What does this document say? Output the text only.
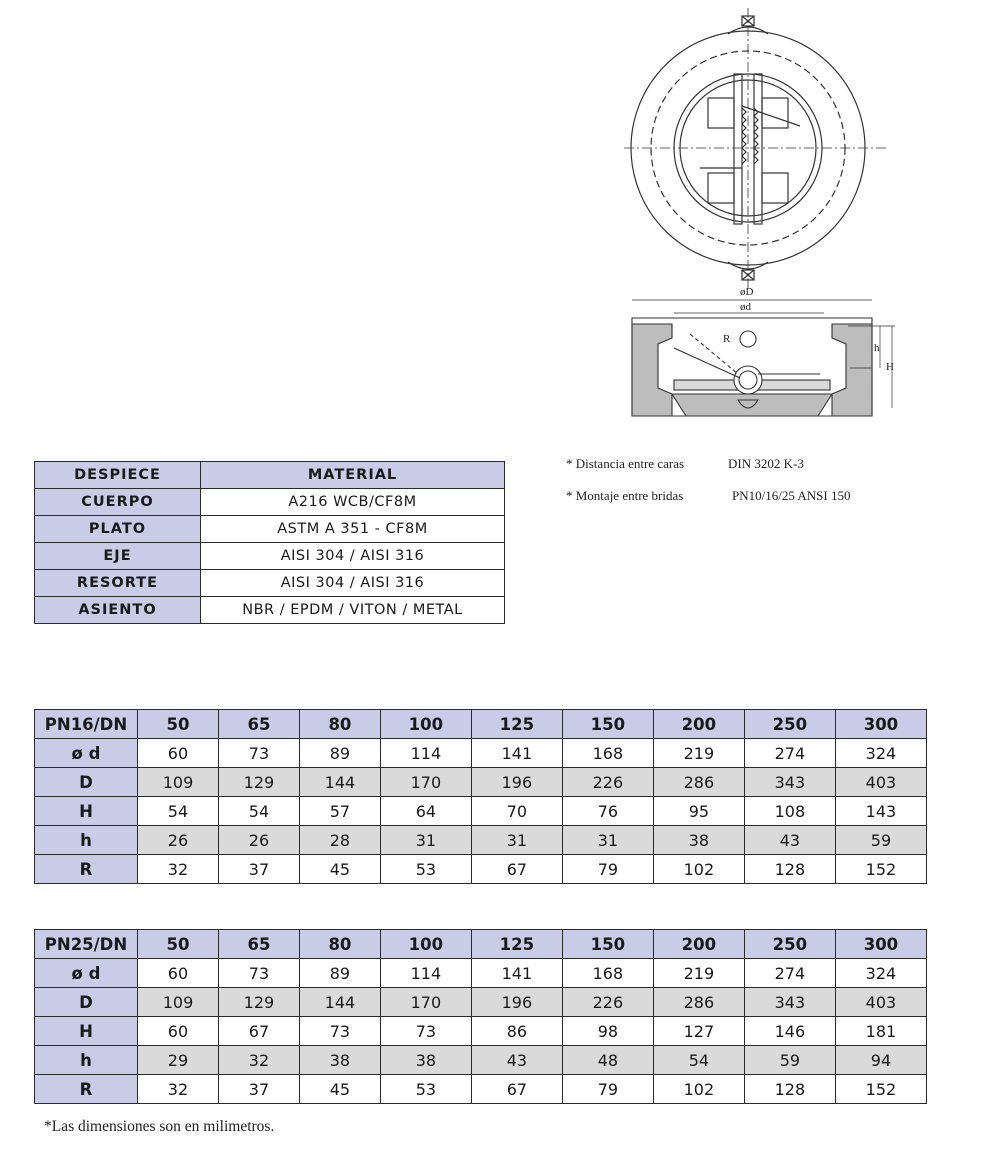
øD
ød
R
h
H
* Distancia entre caras	DIN 3202 K-3
* Montaje entre bridas	PN10/16/25 ANSI 150
DESPIECE	MATERIAL
CUERPO	A216 WCB/CF8M
PLATO	ASTM A 351 - CF8M
EJE	AISI 304 / AISI 316
RESORTE	AISI 304 / AISI 316
ASIENTO	NBR / EPDM / VITON / METAL
PN16/DN	50	65	80	100	125	150	200	250	300
ø d	60	73	89	114	141	168	219	274	324
D	109	129	144	170	196	226	286	343	403
H	54	54	57	64	70	76	95	108	143
h	26	26	28	31	31	31	38	43	59
R	32	37	45	53	67	79	102	128	152
PN25/DN	50	65	80	100	125	150	200	250	300
ø d	60	73	89	114	141	168	219	274	324
D	109	129	144	170	196	226	286	343	403
H	60	67	73	73	86	98	127	146	181
h	29	32	38	38	43	48	54	59	94
R	32	37	45	53	67	79	102	128	152
*Las dimensiones son en milimetros.
